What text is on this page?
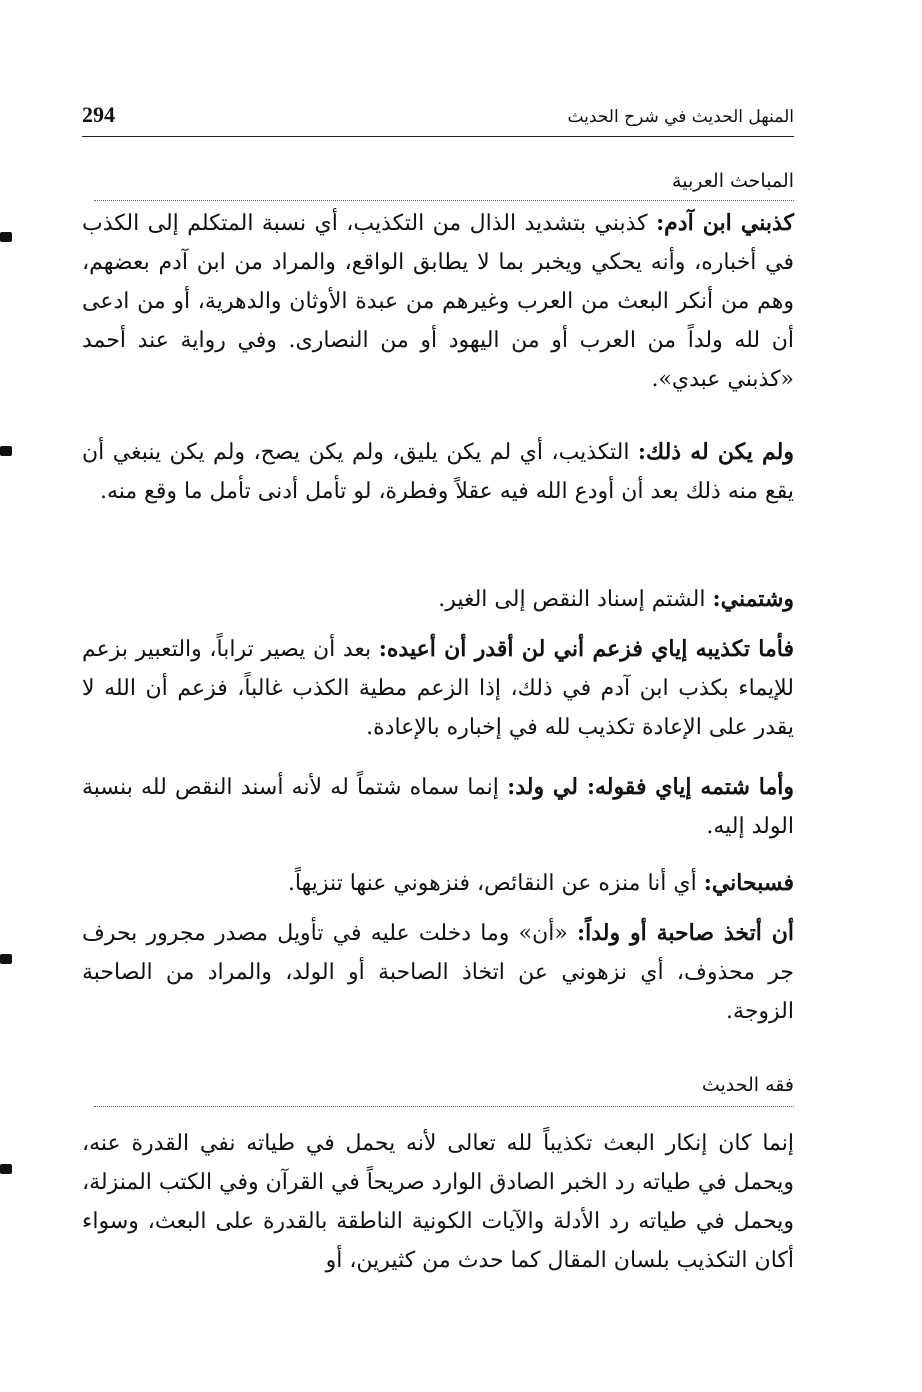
294	المنهل الحديث في شرح الحديث
المباحث العربية

كذبني ابن آدم: كذبني بتشديد الذال من التكذيب، أي نسبة المتكلم إلى الكذب في أخباره، وأنه يحكي ويخبر بما لا يطابق الواقع، والمراد من ابن آدم بعضهم، وهم من أنكر البعث من العرب وغيرهم من عبدة الأوثان والدهرية، أو من ادعى أن لله ولداً من العرب أو من اليهود أو من النصارى. وفي رواية عند أحمد «كذبني عبدي».

ولم يكن له ذلك: التكذيب، أي لم يكن يليق، ولم يكن يصح، ولم يكن ينبغي أن يقع منه ذلك بعد أن أودع الله فيه عقلاً وفطرة، لو تأمل أدنى تأمل ما وقع منه.

وشتمني: الشتم إسناد النقص إلى الغير.

فأما تكذيبه إياي فزعم أني لن أقدر أن أعيده: بعد أن يصير تراباً، والتعبير بزعم للإيماء بكذب ابن آدم في ذلك، إذا الزعم مطية الكذب غالباً، فزعم أن الله لا يقدر على الإعادة تكذيب لله في إخباره بالإعادة.

وأما شتمه إياي فقوله: لي ولد: إنما سماه شتماً له لأنه أسند النقص لله بنسبة الولد إليه.

فسبحاني: أي أنا منزه عن النقائص، فنزهوني عنها تنزيهاً.

أن أتخذ صاحبة أو ولداً: «أن» وما دخلت عليه في تأويل مصدر مجرور بحرف جر محذوف، أي نزهوني عن اتخاذ الصاحبة أو الولد، والمراد من الصاحبة الزوجة.

فقه الحديث

إنما كان إنكار البعث تكذيباً لله تعالى لأنه يحمل في طياته نفي القدرة عنه، ويحمل في طياته رد الخبر الصادق الوارد صريحاً في القرآن وفي الكتب المنزلة، ويحمل في طياته رد الأدلة والآيات الكونية الناطقة بالقدرة على البعث، وسواء أكان التكذيب بلسان المقال كما حدث من كثيرين، أو
